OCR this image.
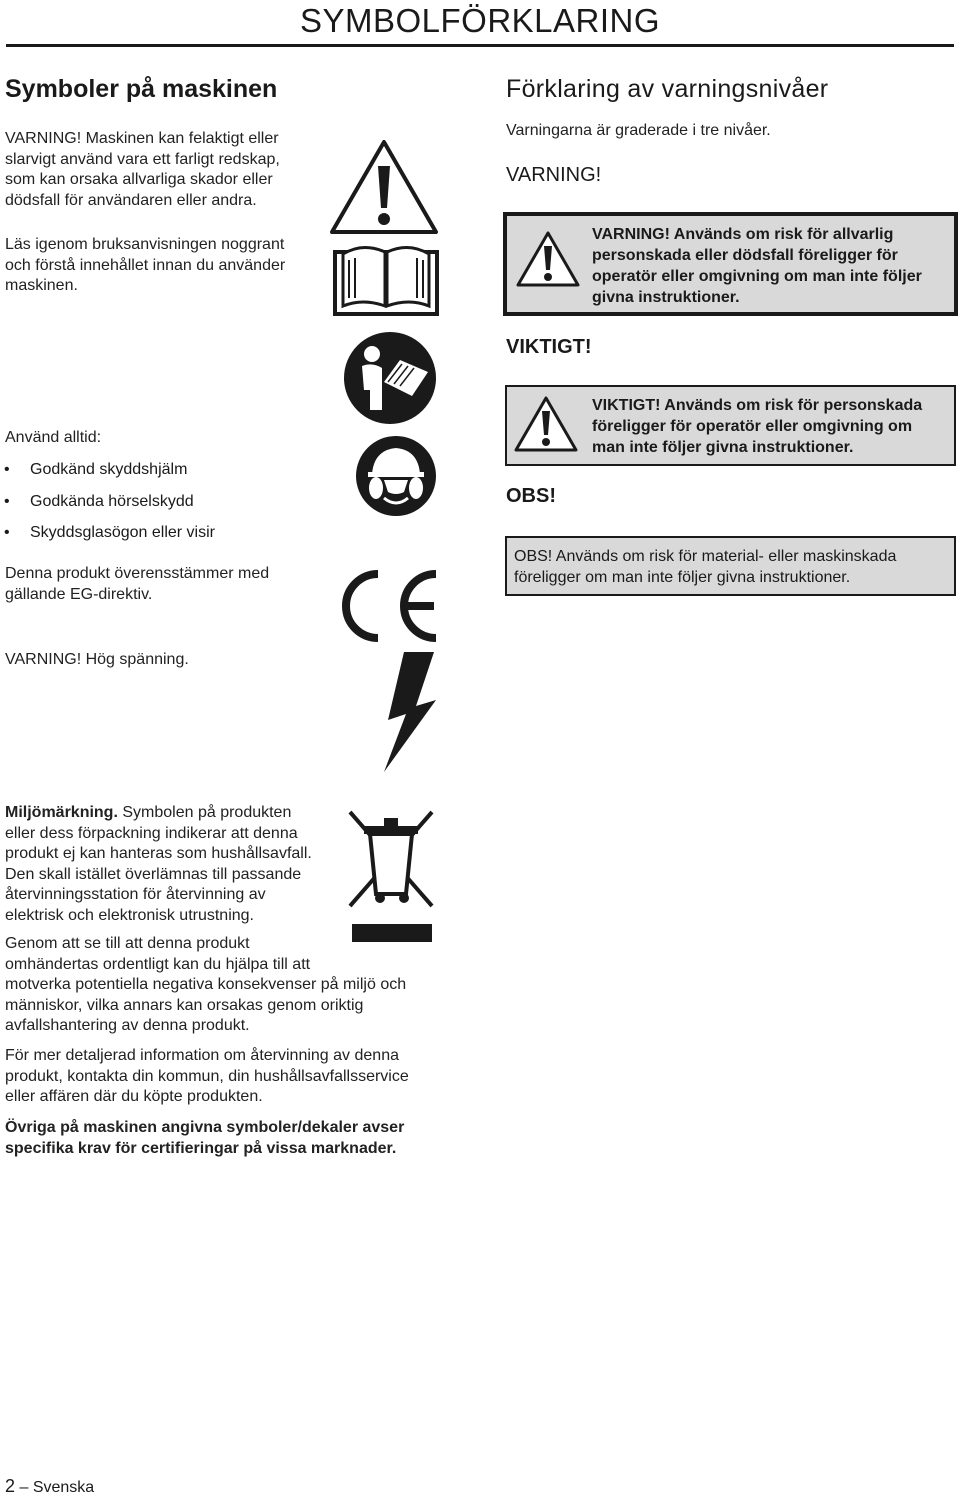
SYMBOLFÖRKLARING
Symboler på maskinen
VARNING! Maskinen kan felaktigt eller
slarvigt använd vara ett farligt redskap,
som kan orsaka allvarliga skador eller
dödsfall för användaren eller andra.
Läs igenom bruksanvisningen noggrant
och förstå innehållet innan du använder
maskinen.
Använd alltid:
• Godkänd skyddshjälm
• Godkända hörselskydd
• Skyddsglasögon eller visir
Denna produkt överensstämmer med
gällande EG-direktiv.
VARNING! Hög spänning.
Miljömärkning. Symbolen på produkten
eller dess förpackning indikerar att denna
produkt ej kan hanteras som hushållsavfall.
Den skall istället överlämnas till passande
återvinningsstation för återvinning av
elektrisk och elektronisk utrustning.
Genom att se till att denna produkt
omhändertas ordentligt kan du hjälpa till att
motverka potentiella negativa konsekvenser på miljö och
människor, vilka annars kan orsakas genom oriktig
avfallshantering av denna produkt.
För mer detaljerad information om återvinning av denna
produkt, kontakta din kommun, din hushållsavfallsservice
eller affären där du köpte produkten.
Övriga på maskinen angivna symboler/dekaler avser
specifika krav för certifieringar på vissa marknader.
Förklaring av varningsnivåer
Varningarna är graderade i tre nivåer.
VARNING!
VARNING! Används om risk för allvarlig
personskada eller dödsfall föreligger för
operatör eller omgivning om man inte följer
givna instruktioner.
VIKTIGT!
VIKTIGT! Används om risk för personskada
föreligger för operatör eller omgivning om
man inte följer givna instruktioner.
OBS!
OBS! Används om risk för material- eller maskinskada
föreligger om man inte följer givna instruktioner.
2 – Svenska
